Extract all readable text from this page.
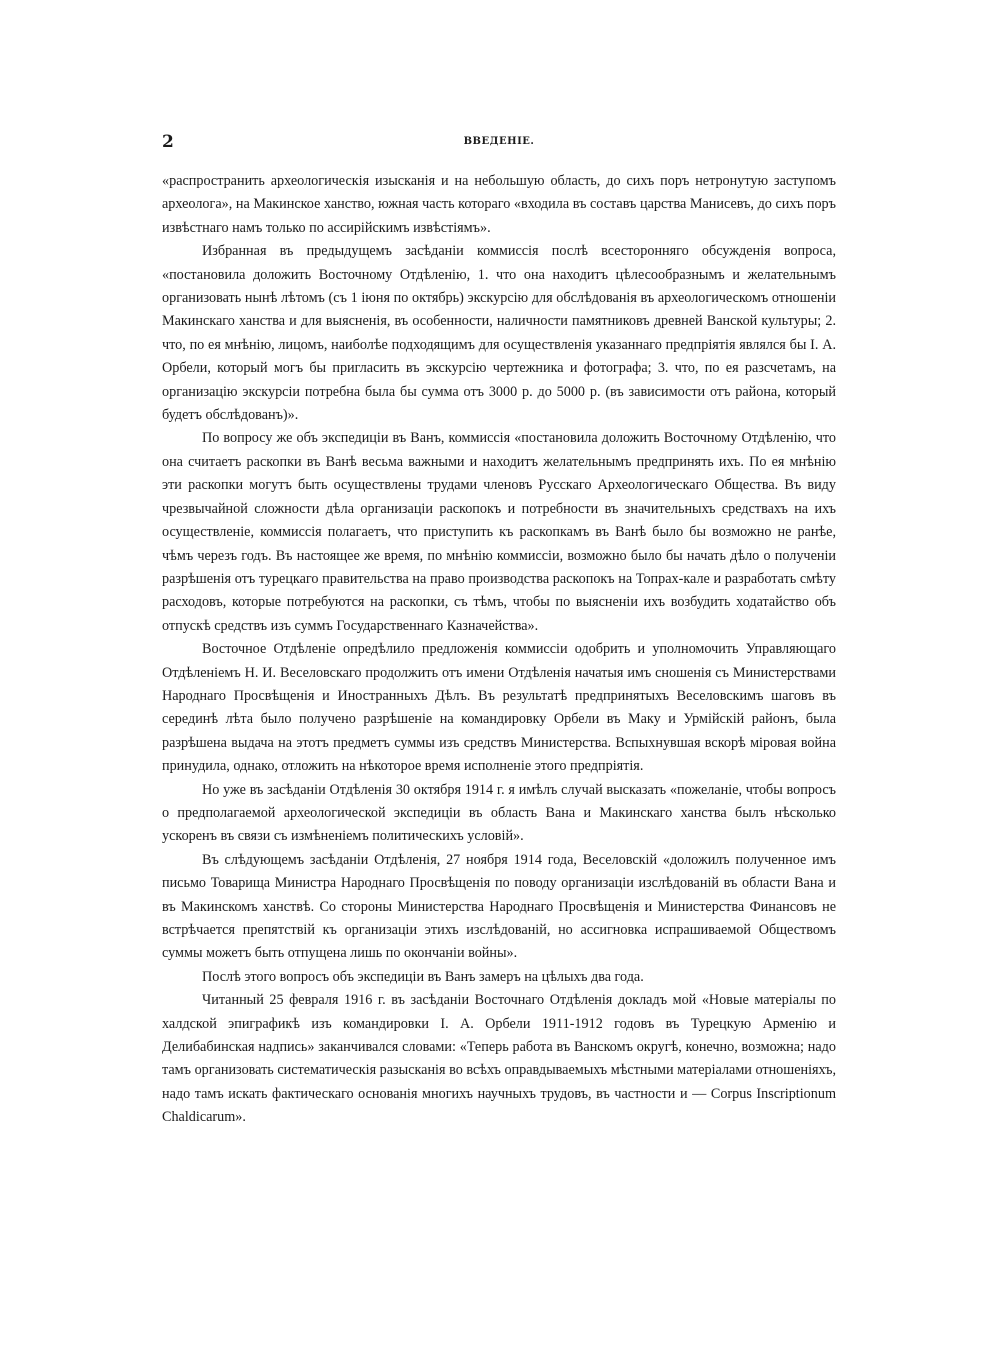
2	ВВЕДЕНІЕ.

«распространить археологическія изысканія и на небольшую область, до сихъ поръ нетронутую заступомъ археолога», на Макинское ханство, южная часть котораго «входила въ составъ царства Манисевъ, до сихъ поръ извѣстнаго намъ только по ассирійскимъ извѣстіямъ».

Избранная въ предыдущемъ засѣданіи коммиссія послѣ всесторонняго обсужденія вопроса, «постановила доложить Восточному Отдѣленію, 1. что она находитъ цѣлесообразнымъ и желательнымъ организовать нынѣ лѣтомъ (съ 1 іюня по октябрь) экскурсію для обслѣдованія въ археологическомъ отношеніи Макинскаго ханства и для выясненія, въ особенности, наличности памятниковъ древней Ванской культуры; 2. что, по ея мнѣнію, лицомъ, наиболѣе подходящимъ для осуществленія указаннаго предпріятія являлся бы І. А. Орбели, который могъ бы пригласить въ экскурсію чертежника и фотографа; 3. что, по ея разсчетамъ, на организацію экскурсіи потребна была бы сумма отъ 3000 р. до 5000 р. (въ зависимости отъ района, который будетъ обслѣдованъ)».

По вопросу же объ экспедиціи въ Ванъ, коммиссія «постановила доложить Восточному Отдѣленію, что она считаетъ раскопки въ Ванѣ весьма важными и находитъ желательнымъ предпринять ихъ. По ея мнѣнію эти раскопки могутъ быть осуществлены трудами членовъ Русскаго Археологическаго Общества. Въ виду чрезвычайной сложности дѣла организаціи раскопокъ и потребности въ значительныхъ средствахъ на ихъ осуществленіе, коммиссія полагаетъ, что приступить къ раскопкамъ въ Ванѣ было бы возможно не ранѣе, чѣмъ черезъ годъ. Въ настоящее же время, по мнѣнію коммиссіи, возможно было бы начать дѣло о полученіи разрѣшенія отъ турецкаго правительства на право производства раскопокъ на Топрах-кале и разработать смѣту расходовъ, которые потребуются на раскопки, съ тѣмъ, чтобы по выясненіи ихъ возбудить ходатайство объ отпускѣ средствъ изъ суммъ Государственнаго Казначейства».

Восточное Отдѣленіе опредѣлило предложенія коммиссіи одобрить и уполномочить Управляющаго Отдѣленіемъ Н. И. Веселовскаго продолжить отъ имени Отдѣленія начатыя имъ сношенія съ Министерствами Народнаго Просвѣщенія и Иностранныхъ Дѣлъ. Въ результатѣ предпринятыхъ Веселовскимъ шаговъ въ серединѣ лѣта было получено разрѣшеніе на командировку Орбели въ Маку и Урмійскій районъ, была разрѣшена выдача на этотъ предметъ суммы изъ средствъ Министерства. Вспыхнувшая вскорѣ міровая война принудила, однако, отложить на нѣкоторое время исполненіе этого предпріятія.

Но уже въ засѣданіи Отдѣленія 30 октября 1914 г. я имѣлъ случай высказать «пожеланіе, чтобы вопросъ о предполагаемой археологической экспедиціи въ область Вана и Макинскаго ханства былъ нѣсколько ускоренъ въ связи съ измѣненіемъ политическихъ условій».

Въ слѣдующемъ засѣданіи Отдѣленія, 27 ноября 1914 года, Веселовскій «доложилъ полученное имъ письмо Товарища Министра Народнаго Просвѣщенія по поводу организаціи изслѣдованій въ области Вана и въ Макинскомъ ханствѣ. Со стороны Министерства Народнаго Просвѣщенія и Министерства Финансовъ не встрѣчается препятствій къ организаціи этихъ изслѣдованій, но ассигновка испрашиваемой Обществомъ суммы можетъ быть отпущена лишь по окончаніи войны».

Послѣ этого вопросъ объ экспедиціи въ Ванъ замеръ на цѣлыхъ два года.

Читанный 25 февраля 1916 г. въ засѣданіи Восточнаго Отдѣленія докладъ мой «Новые матеріалы по халдской эпиграфикѣ изъ командировки І. А. Орбели 1911-1912 годовъ въ Турецкую Арменію и Делибабинская надпись» заканчивался словами: «Теперь работа въ Ванскомъ округѣ, конечно, возможна; надо тамъ организовать систематическія разысканія во всѣхъ оправдываемыхъ мѣстными матеріалами отношеніяхъ, надо тамъ искать фактическаго основанія многихъ научныхъ трудовъ, въ частности и — Corpus Inscriptionum Chaldicarum».
